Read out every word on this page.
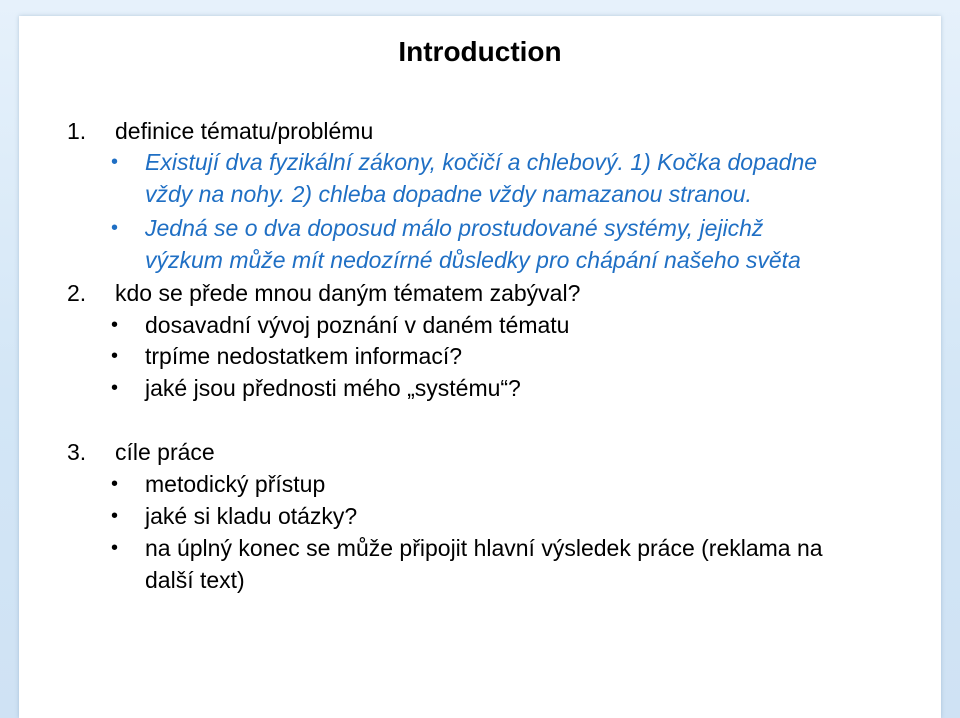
Introduction
1. definice tématu/problému
• Existují dva fyzikální zákony, kočičí a chlebový. 1) Kočka dopadne
vždy na nohy. 2) chleba dopadne vždy namazanou stranou.
• Jedná se o dva doposud málo prostudované systémy, jejichž
výzkum může mít nedozírné důsledky pro chápání našeho světa
2. kdo se přede mnou daným tématem zabýval?
• dosavadní vývoj poznání v daném tématu
• trpíme nedostatkem informací?
• jaké jsou přednosti mého „systému“?
3. cíle práce
• metodický přístup
• jaké si kladu otázky?
• na úplný konec se může připojit hlavní výsledek práce (reklama na
další text)
